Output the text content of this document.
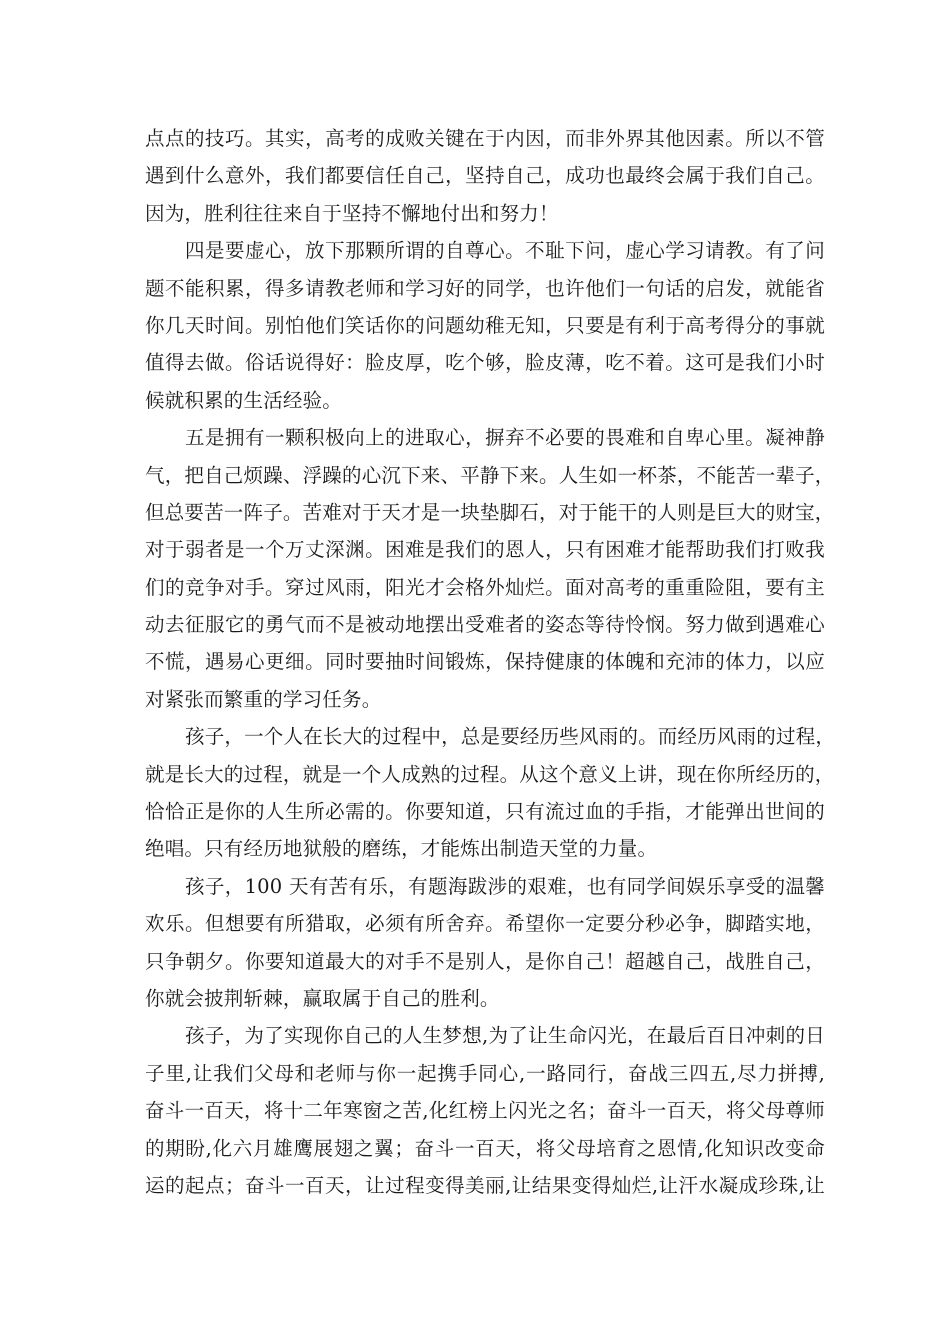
点点的技巧。其实，高考的成败关键在于内因，而非外界其他因素。所以不管
遇到什么意外，我们都要信任自己，坚持自己，成功也最终会属于我们自己。
因为，胜利往往来自于坚持不懈地付出和努力！
四是要虚心，放下那颗所谓的自尊心。不耻下问，虚心学习请教。有了问
题不能积累，得多请教老师和学习好的同学，也许他们一句话的启发，就能省
你几天时间。别怕他们笑话你的问题幼稚无知，只要是有利于高考得分的事就
值得去做。俗话说得好：脸皮厚，吃个够，脸皮薄，吃不着。这可是我们小时
候就积累的生活经验。
五是拥有一颗积极向上的进取心，摒弃不必要的畏难和自卑心里。凝神静
气，把自己烦躁、浮躁的心沉下来、平静下来。人生如一杯茶，不能苦一辈子，
但总要苦一阵子。苦难对于天才是一块垫脚石，对于能干的人则是巨大的财宝，
对于弱者是一个万丈深渊。困难是我们的恩人，只有困难才能帮助我们打败我
们的竞争对手。穿过风雨，阳光才会格外灿烂。面对高考的重重险阻，要有主
动去征服它的勇气而不是被动地摆出受难者的姿态等待怜悯。努力做到遇难心
不慌，遇易心更细。同时要抽时间锻炼，保持健康的体魄和充沛的体力，以应
对紧张而繁重的学习任务。
孩子，一个人在长大的过程中，总是要经历些风雨的。而经历风雨的过程，
就是长大的过程，就是一个人成熟的过程。从这个意义上讲，现在你所经历的，
恰恰正是你的人生所必需的。你要知道，只有流过血的手指，才能弹出世间的
绝唱。只有经历地狱般的磨练，才能炼出制造天堂的力量。
孩子，100 天有苦有乐，有题海跋涉的艰难，也有同学间娱乐享受的温馨
欢乐。但想要有所猎取，必须有所舍弃。希望你一定要分秒必争，脚踏实地，
只争朝夕。你要知道最大的对手不是别人，是你自己！超越自己，战胜自己，
你就会披荆斩棘，赢取属于自己的胜利。
孩子，为了实现你自己的人生梦想,为了让生命闪光，在最后百日冲刺的日
子里,让我们父母和老师与你一起携手同心,一路同行，奋战三四五,尽力拼搏,
奋斗一百天，将十二年寒窗之苦,化红榜上闪光之名；奋斗一百天，将父母尊师
的期盼,化六月雄鹰展翅之翼；奋斗一百天，将父母培育之恩情,化知识改变命
运的起点；奋斗一百天，让过程变得美丽,让结果变得灿烂,让汗水凝成珍珠,让
